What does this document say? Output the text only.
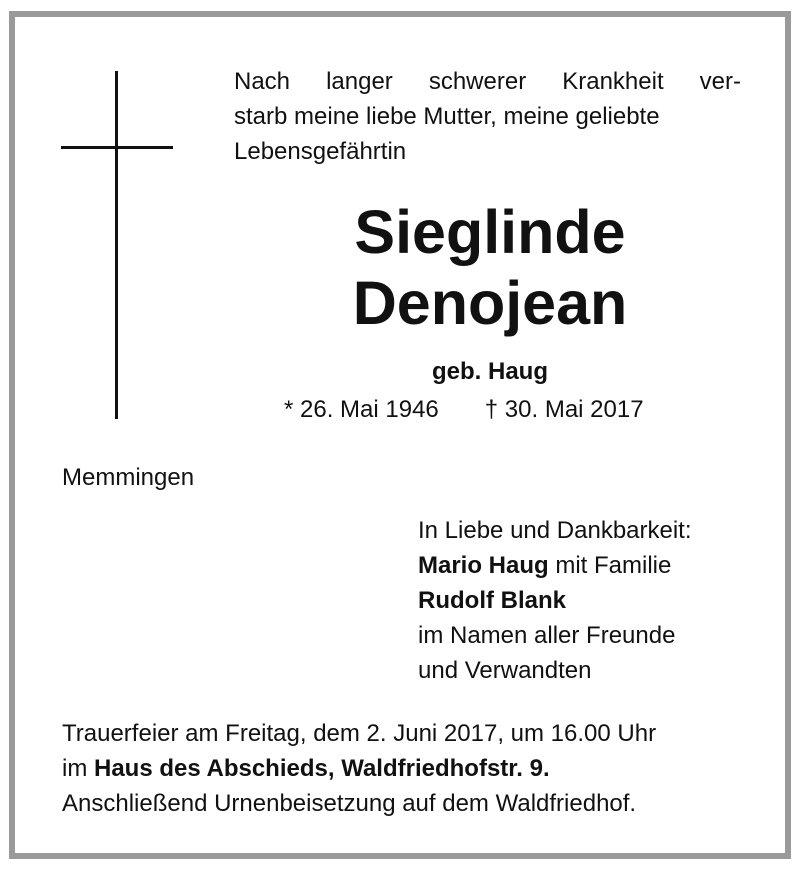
Nach langer schwerer Krankheit ver-
starb meine liebe Mutter, meine geliebte
Lebensgefährtin
Sieglinde
Denojean
geb. Haug
* 26. Mai 1946 † 30. Mai 2017
Memmingen
In Liebe und Dankbarkeit:
Mario Haug mit Familie
Rudolf Blank
im Namen aller Freunde
und Verwandten
Trauerfeier am Freitag, dem 2. Juni 2017, um 16.00 Uhr
im Haus des Abschieds, Waldfriedhofstr. 9.
Anschließend Urnenbeisetzung auf dem Waldfriedhof.
